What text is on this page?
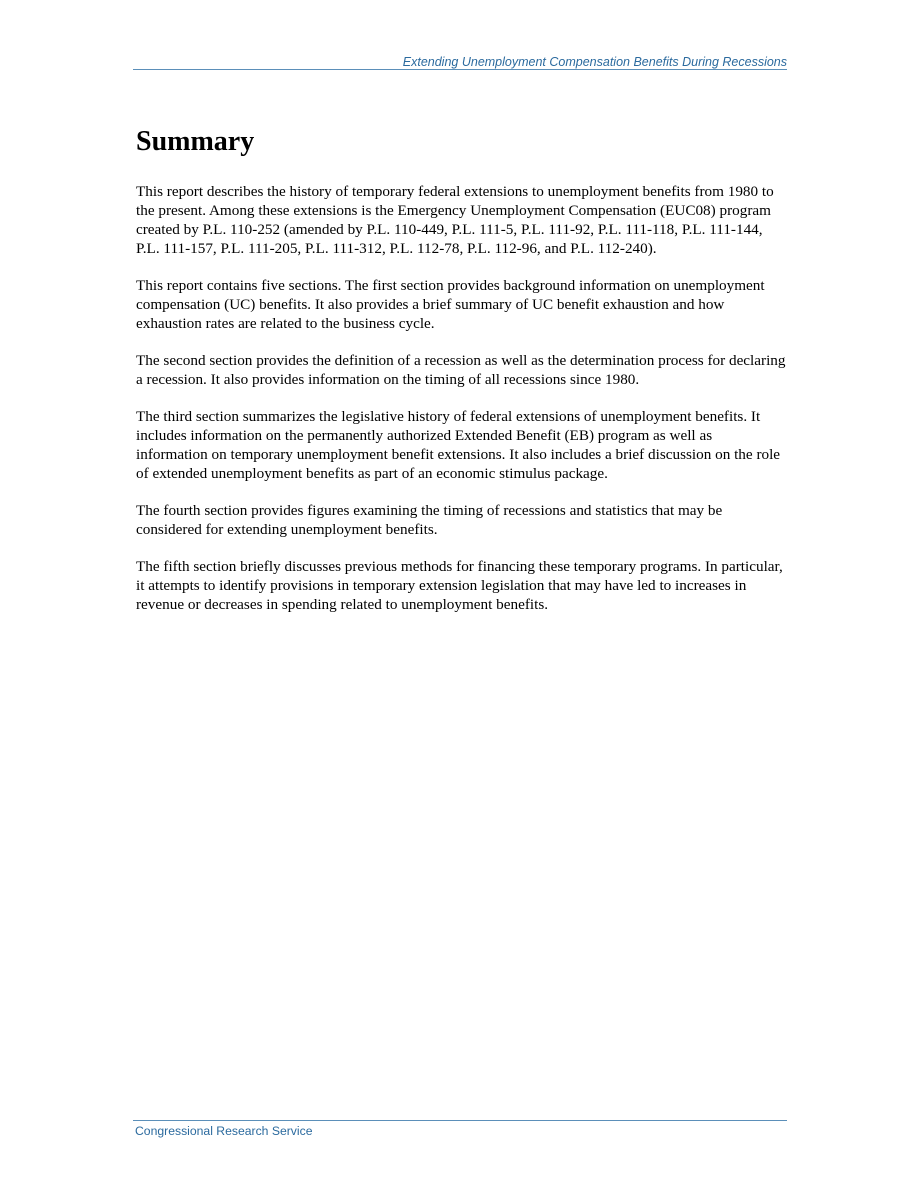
Extending Unemployment Compensation Benefits During Recessions
Summary

This report describes the history of temporary federal extensions to unemployment benefits from 1980 to the present. Among these extensions is the Emergency Unemployment Compensation (EUC08) program created by P.L. 110-252 (amended by P.L. 110-449, P.L. 111-5, P.L. 111-92, P.L. 111-118, P.L. 111-144, P.L. 111-157, P.L. 111-205, P.L. 111-312, P.L. 112-78, P.L. 112-96, and P.L. 112-240).

This report contains five sections. The first section provides background information on unemployment compensation (UC) benefits. It also provides a brief summary of UC benefit exhaustion and how exhaustion rates are related to the business cycle.

The second section provides the definition of a recession as well as the determination process for declaring a recession. It also provides information on the timing of all recessions since 1980.

The third section summarizes the legislative history of federal extensions of unemployment benefits. It includes information on the permanently authorized Extended Benefit (EB) program as well as information on temporary unemployment benefit extensions. It also includes a brief discussion on the role of extended unemployment benefits as part of an economic stimulus package.

The fourth section provides figures examining the timing of recessions and statistics that may be considered for extending unemployment benefits.

The fifth section briefly discusses previous methods for financing these temporary programs. In particular, it attempts to identify provisions in temporary extension legislation that may have led to increases in revenue or decreases in spending related to unemployment benefits.

Congressional Research Service
